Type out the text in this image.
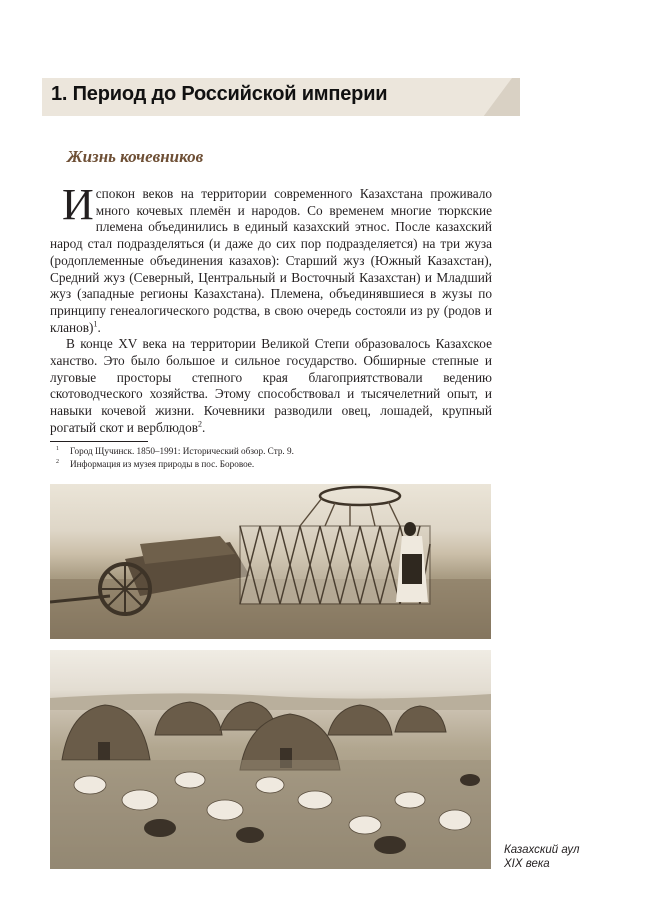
1. Период до Российской империи
Жизнь кочевников

Испокон веков на территории современного Казахстана проживало много кочевых племён и народов. Со временем многие тюркские племена объединились в единый казахский этнос. После казахский народ стал подразделяться (и даже до сих пор подразделяется) на три жуза (родоплеменные объединения казахов): Старший жуз (Южный Казахстан), Средний жуз (Северный, Центральный и Восточный Казахстан) и Младший жуз (западные регионы Казахстана). Племена, объединявшиеся в жузы по принципу генеалогического родства, в свою очередь состояли из ру (родов и кланов)$^1$.

В конце XV века на территории Великой Степи образовалось Казахское ханство. Это было большое и сильное государство. Обширные степные и луговые просторы степного края благоприятствовали ведению скотоводческого хозяйства. Этому способствовал и тысячелетний опыт, и навыки кочевой жизни. Кочевники разводили овец, лошадей, крупный рогатый скот и верблюдов$^2$.

1	Город Щучинск. 1850–1991: Исторический обзор. Стр. 9.
2	Информация из музея природы в пос. Боровое.
Казахский аул
XIX века
